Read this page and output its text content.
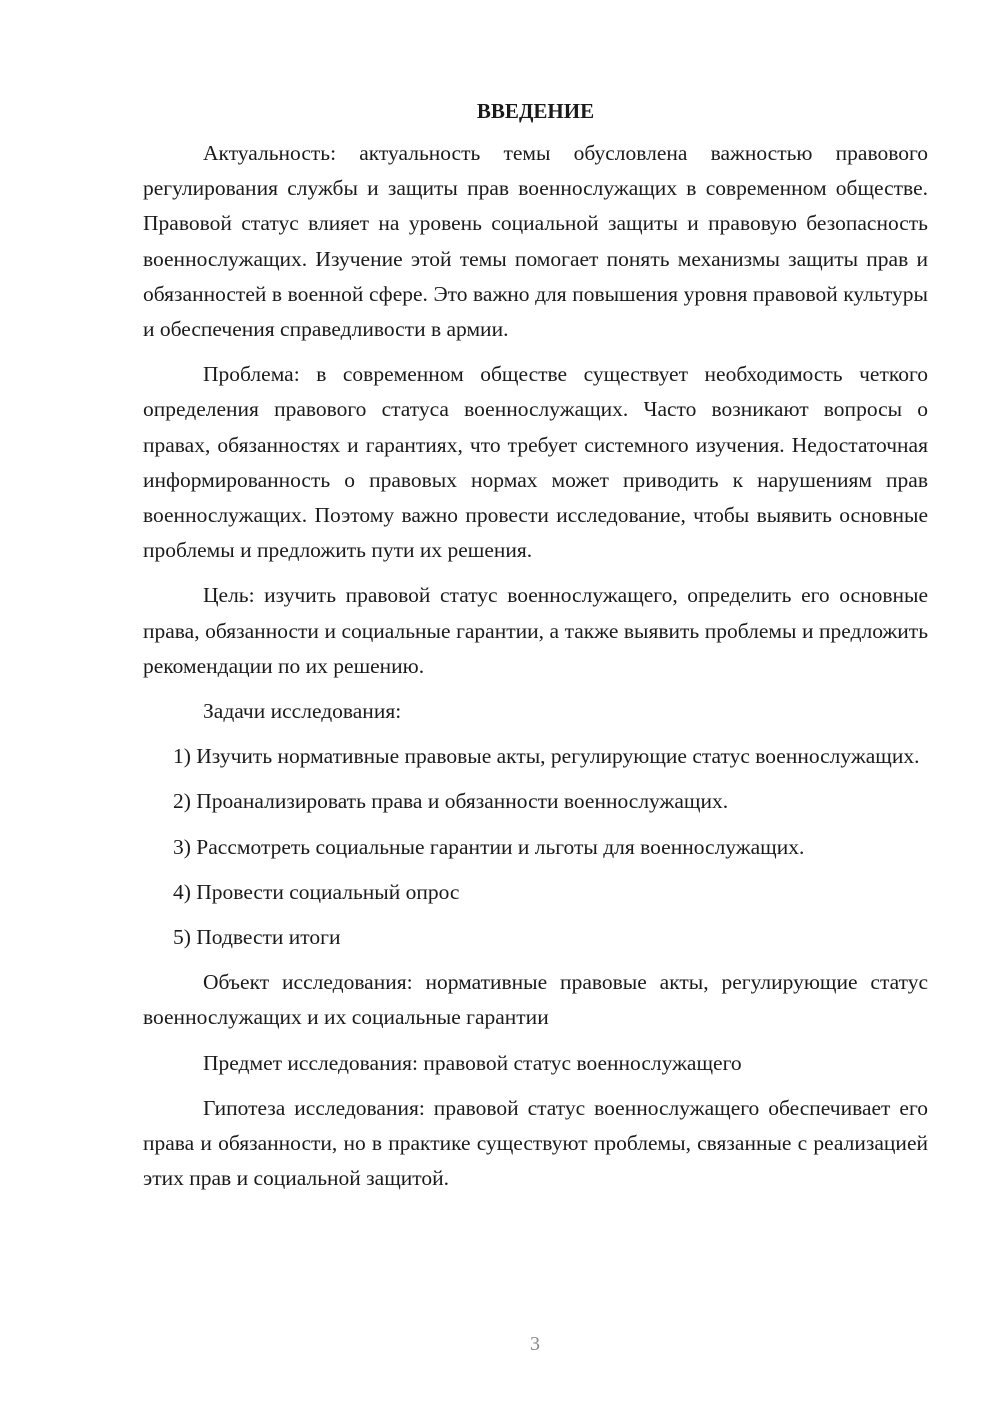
ВВЕДЕНИЕ

Актуальность: актуальность темы обусловлена важностью правового регулирования службы и защиты прав военнослужащих в современном обществе. Правовой статус влияет на уровень социальной защиты и правовую безопасность военнослужащих. Изучение этой темы помогает понять механизмы защиты прав и обязанностей в военной сфере. Это важно для повышения уровня правовой культуры и обеспечения справедливости в армии.

Проблема: в современном обществе существует необходимость четкого определения правового статуса военнослужащих. Часто возникают вопросы о правах, обязанностях и гарантиях, что требует системного изучения. Недостаточная информированность о правовых нормах может приводить к нарушениям прав военнослужащих. Поэтому важно провести исследование, чтобы выявить основные проблемы и предложить пути их решения.

Цель: изучить правовой статус военнослужащего, определить его основные права, обязанности и социальные гарантии, а также выявить проблемы и предложить рекомендации по их решению.

Задачи исследования:

1) Изучить нормативные правовые акты, регулирующие статус военнослужащих.

2) Проанализировать права и обязанности военнослужащих.

3) Рассмотреть социальные гарантии и льготы для военнослужащих.

4) Провести социальный опрос

5) Подвести итоги

Объект исследования: нормативные правовые акты, регулирующие статус военнослужащих и их социальные гарантии

Предмет исследования: правовой статус военнослужащего

Гипотеза исследования: правовой статус военнослужащего обеспечивает его права и обязанности, но в практике существуют проблемы, связанные с реализацией этих прав и социальной защитой.

3
